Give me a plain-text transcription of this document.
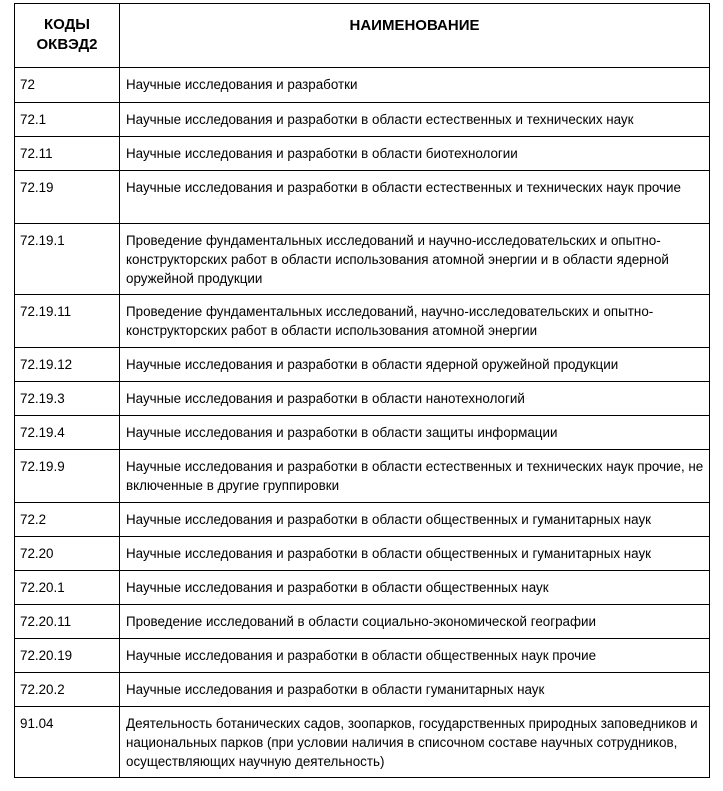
КОДЫ ОКВЭД2	НАИМЕНОВАНИЕ
72	Научные исследования и разработки
72.1	Научные исследования и разработки в области естественных и технических наук
72.11	Научные исследования и разработки в области биотехнологии
72.19	Научные исследования и разработки в области естественных и технических наук прочие
72.19.1	Проведение фундаментальных исследований и научно-исследовательских и опытно-конструкторских работ в области использования атомной энергии и в области ядерной оружейной продукции
72.19.11	Проведение фундаментальных исследований, научно-исследовательских и опытно-конструкторских работ в области использования атомной энергии
72.19.12	Научные исследования и разработки в области ядерной оружейной продукции
72.19.3	Научные исследования и разработки в области нанотехнологий
72.19.4	Научные исследования и разработки в области защиты информации
72.19.9	Научные исследования и разработки в области естественных и технических наук прочие, не включенные в другие группировки
72.2	Научные исследования и разработки в области общественных и гуманитарных наук
72.20	Научные исследования и разработки в области общественных и гуманитарных наук
72.20.1	Научные исследования и разработки в области общественных наук
72.20.11	Проведение исследований в области социально-экономической географии
72.20.19	Научные исследования и разработки в области общественных наук прочие
72.20.2	Научные исследования и разработки в области гуманитарных наук
91.04	Деятельность ботанических садов, зоопарков, государственных природных заповедников и национальных парков (при условии наличия в списочном составе научных сотрудников, осуществляющих научную деятельность)
